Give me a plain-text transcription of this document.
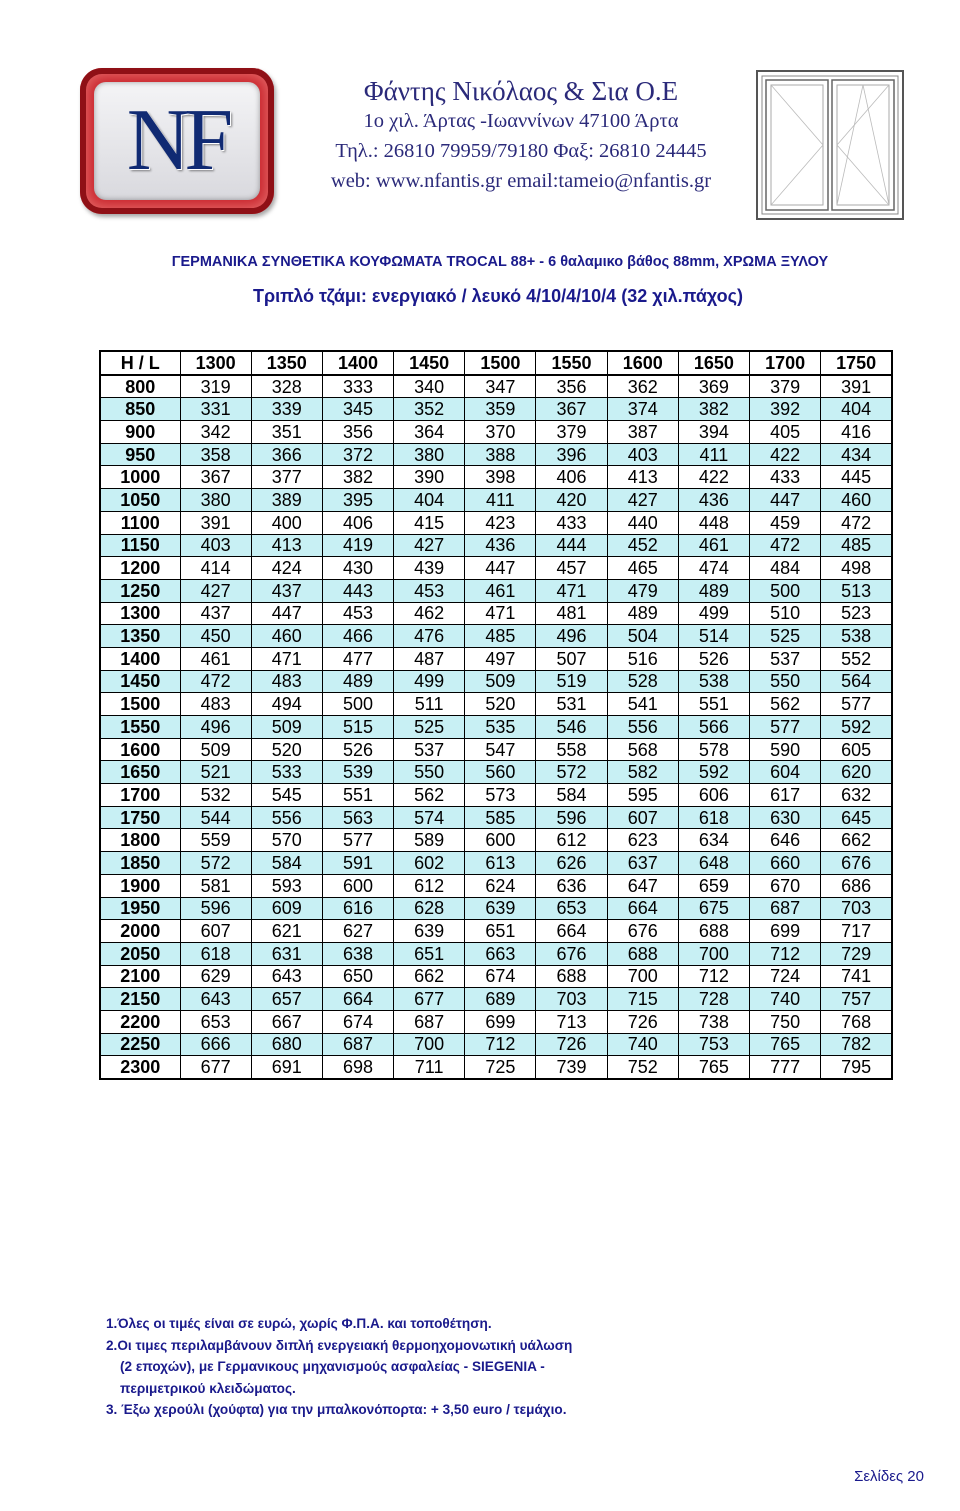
NF
Φάντης Νικόλαος & Σια Ο.Ε
1ο χιλ. Άρτας -Ιωαννίνων 47100 Άρτα
Τηλ.: 26810 79959/79180 Φαξ: 26810 24445
web: www.nfantis.gr email:tameio@nfantis.gr
ΓΕΡΜΑΝΙΚΑ ΣΥΝΘΕΤΙΚΑ ΚΟΥΦΩΜΑΤΑ TROCAL 88+ - 6 θαλαμικο βάθος 88mm, ΧΡΩΜΑ ΞΥΛΟΥ
Τριπλό τζάμι: ενεργιακό / λευκό 4/10/4/10/4 (32 χιλ.πάχος)
H / L	1300	1350	1400	1450	1500	1550	1600	1650	1700	1750
800	319	328	333	340	347	356	362	369	379	391
850	331	339	345	352	359	367	374	382	392	404
900	342	351	356	364	370	379	387	394	405	416
950	358	366	372	380	388	396	403	411	422	434
1000	367	377	382	390	398	406	413	422	433	445
1050	380	389	395	404	411	420	427	436	447	460
1100	391	400	406	415	423	433	440	448	459	472
1150	403	413	419	427	436	444	452	461	472	485
1200	414	424	430	439	447	457	465	474	484	498
1250	427	437	443	453	461	471	479	489	500	513
1300	437	447	453	462	471	481	489	499	510	523
1350	450	460	466	476	485	496	504	514	525	538
1400	461	471	477	487	497	507	516	526	537	552
1450	472	483	489	499	509	519	528	538	550	564
1500	483	494	500	511	520	531	541	551	562	577
1550	496	509	515	525	535	546	556	566	577	592
1600	509	520	526	537	547	558	568	578	590	605
1650	521	533	539	550	560	572	582	592	604	620
1700	532	545	551	562	573	584	595	606	617	632
1750	544	556	563	574	585	596	607	618	630	645
1800	559	570	577	589	600	612	623	634	646	662
1850	572	584	591	602	613	626	637	648	660	676
1900	581	593	600	612	624	636	647	659	670	686
1950	596	609	616	628	639	653	664	675	687	703
2000	607	621	627	639	651	664	676	688	699	717
2050	618	631	638	651	663	676	688	700	712	729
2100	629	643	650	662	674	688	700	712	724	741
2150	643	657	664	677	689	703	715	728	740	757
2200	653	667	674	687	699	713	726	738	750	768
2250	666	680	687	700	712	726	740	753	765	782
2300	677	691	698	711	725	739	752	765	777	795
1.Όλες οι τιμές είναι σε ευρώ, χωρίς Φ.Π.Α. και τοποθέτηση.
2.Οι τιμες περιλαμβάνουν διπλή ενεργειακή θερμοηχομονωτική υάλωση
(2 εποχών), με Γερμανικους μηχανισμούς ασφαλείας - SIEGENIA -
περιμετρικού κλειδώματος.
3. Έξω χερούλι (χούφτα) για την μπαλκονόπορτα: + 3,50 euro / τεμάχιο.
Σελίδες 20
